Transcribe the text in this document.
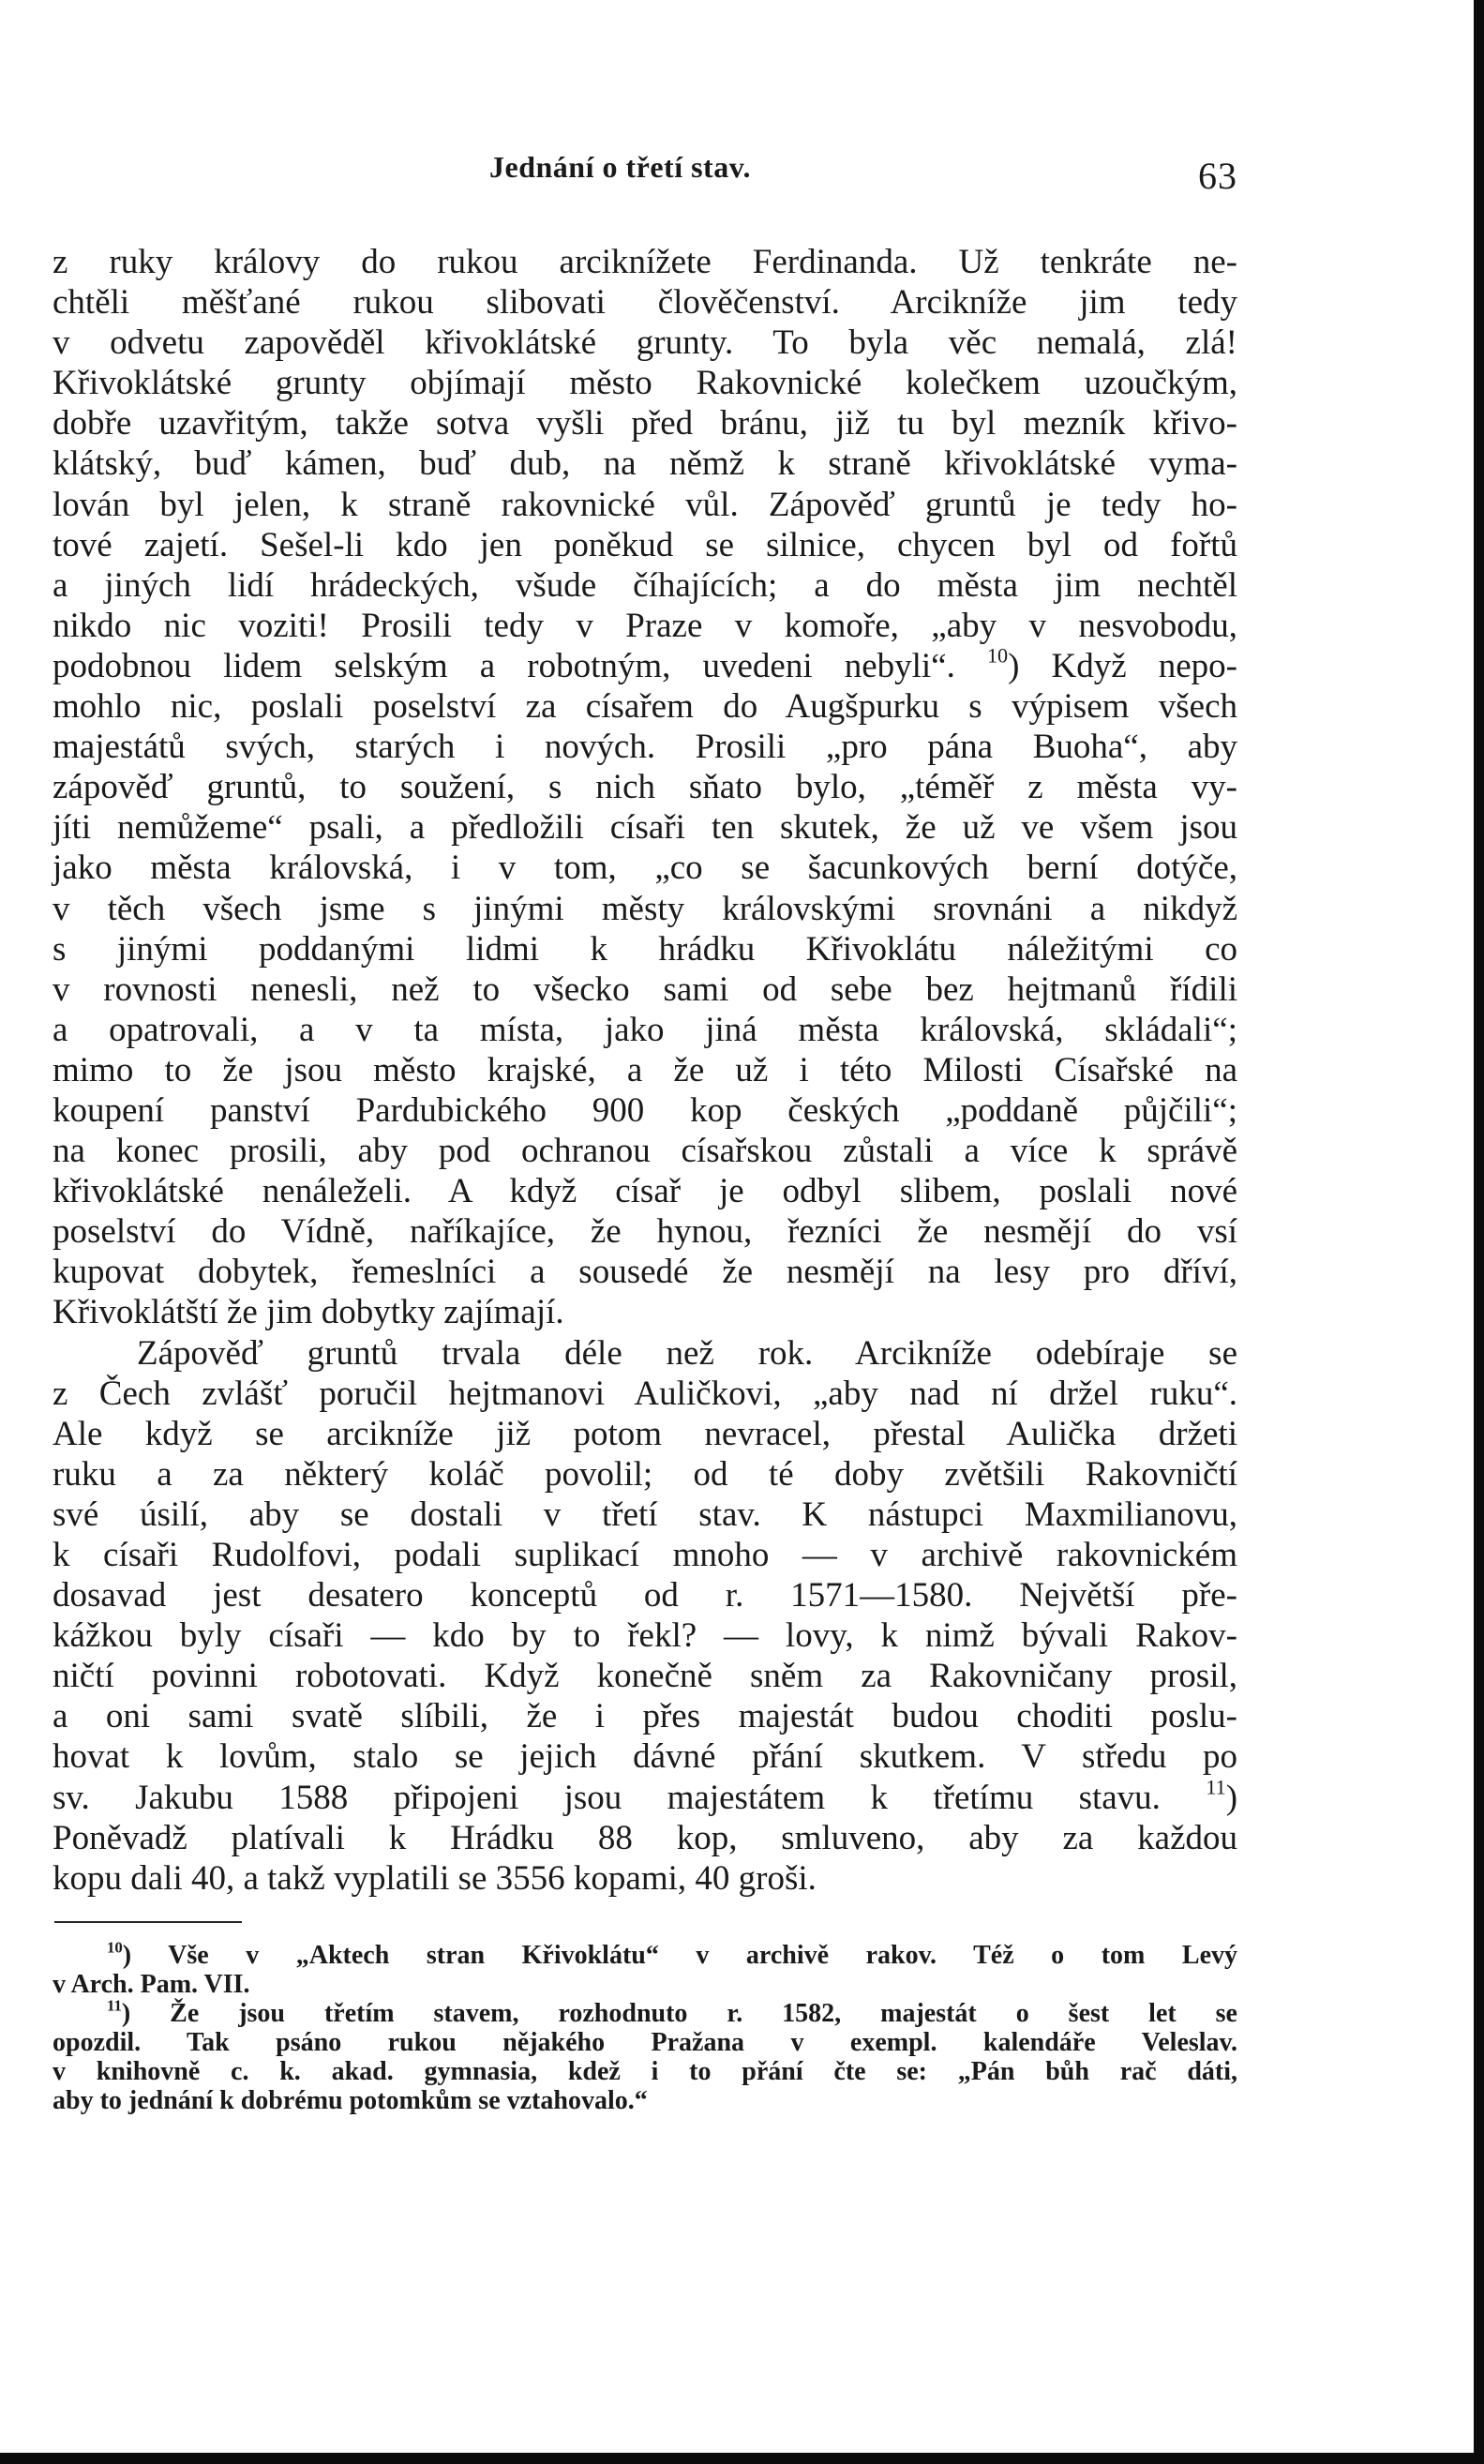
Jednání o třetí stav.	63
z ruky královy do rukou arciknížete Ferdinanda. Už tenkráte ne-
chtěli měšťané rukou slibovati člověčenství. Arcikníže jim tedy
v odvetu zapověděl křivoklátské grunty. To byla věc nemalá, zlá!
Křivoklátské grunty objímají město Rakovnické kolečkem uzoučkým,
dobře uzavřitým, takže sotva vyšli před bránu, již tu byl mezník křivo-
klátský, buď kámen, buď dub, na němž k straně křivoklátské vyma-
lován byl jelen, k straně rakovnické vůl. Zápověď gruntů je tedy ho-
tové zajetí. Sešel-li kdo jen poněkud se silnice, chycen byl od fořtů
a jiných lidí hrádeckých, všude číhajících; a do města jim nechtěl
nikdo nic voziti! Prosili tedy v Praze v komoře, „aby v nesvobodu,
podobnou lidem selským a robotným, uvedeni nebyli“. $^{10}$) Když nepo-
mohlo nic, poslali poselství za císařem do Augšpurku s výpisem všech
majestátů svých, starých i nových. Prosili „pro pána Buoha“, aby
zápověď gruntů, to soužení, s nich sňato bylo, „téměř z města vy-
jíti nemůžeme“ psali, a předložili císaři ten skutek, že už ve všem jsou
jako města královská, i v tom, „co se šacunkových berní dotýče,
v těch všech jsme s jinými městy královskými srovnáni a nikdyž
s jinými poddanými lidmi k hrádku Křivoklátu náležitými co
v rovnosti nenesli, než to všecko sami od sebe bez hejtmanů řídili
a opatrovali, a v ta místa, jako jiná města královská, skládali“;
mimo to že jsou město krajské, a že už i této Milosti Císařské na
koupení panství Pardubického 900 kop českých „poddaně půjčili“;
na konec prosili, aby pod ochranou císařskou zůstali a více k správě
křivoklátské nenáleželi. A když císař je odbyl slibem, poslali nové
poselství do Vídně, naříkajíce, že hynou, řezníci že nesmějí do vsí
kupovat dobytek, řemeslníci a sousedé že nesmějí na lesy pro dříví,
Křivoklátští že jim dobytky zajímají.
Zápověď gruntů trvala déle než rok. Arcikníže odebíraje se
z Čech zvlášť poručil hejtmanovi Auličkovi, „aby nad ní držel ruku“.
Ale když se arcikníže již potom nevracel, přestal Aulička držeti
ruku a za některý koláč povolil; od té doby zvětšili Rakovničtí
své úsilí, aby se dostali v třetí stav. K nástupci Maxmilianovu,
k císaři Rudolfovi, podali suplikací mnoho — v archivě rakovnickém
dosavad jest desatero konceptů od r. 1571—1580. Největší pře-
kážkou byly císaři — kdo by to řekl? — lovy, k nimž bývali Rakov-
ničtí povinni robotovati. Když konečně sněm za Rakovničany prosil,
a oni sami svatě slíbili, že i přes majestát budou choditi poslu-
hovat k lovům, stalo se jejich dávné přání skutkem. V středu po
sv. Jakubu 1588 připojeni jsou majestátem k třetímu stavu. $^{11}$)
Poněvadž platívali k Hrádku 88 kop, smluveno, aby za každou
kopu dali 40, a takž vyplatili se 3556 kopami, 40 groši.
$^{10}$) Vše v „Aktech stran Křivoklátu“ v archivě rakov. Též o tom Levý
v Arch. Pam. VII.
$^{11}$) Že jsou třetím stavem, rozhodnuto r. 1582, majestát o šest let se
opozdil. Tak psáno rukou nějakého Pražana v exempl. kalendáře Veleslav.
v knihovně c. k. akad. gymnasia, kdež i to přání čte se: „Pán bůh rač dáti,
aby to jednání k dobrému potomkům se vztahovalo.“
